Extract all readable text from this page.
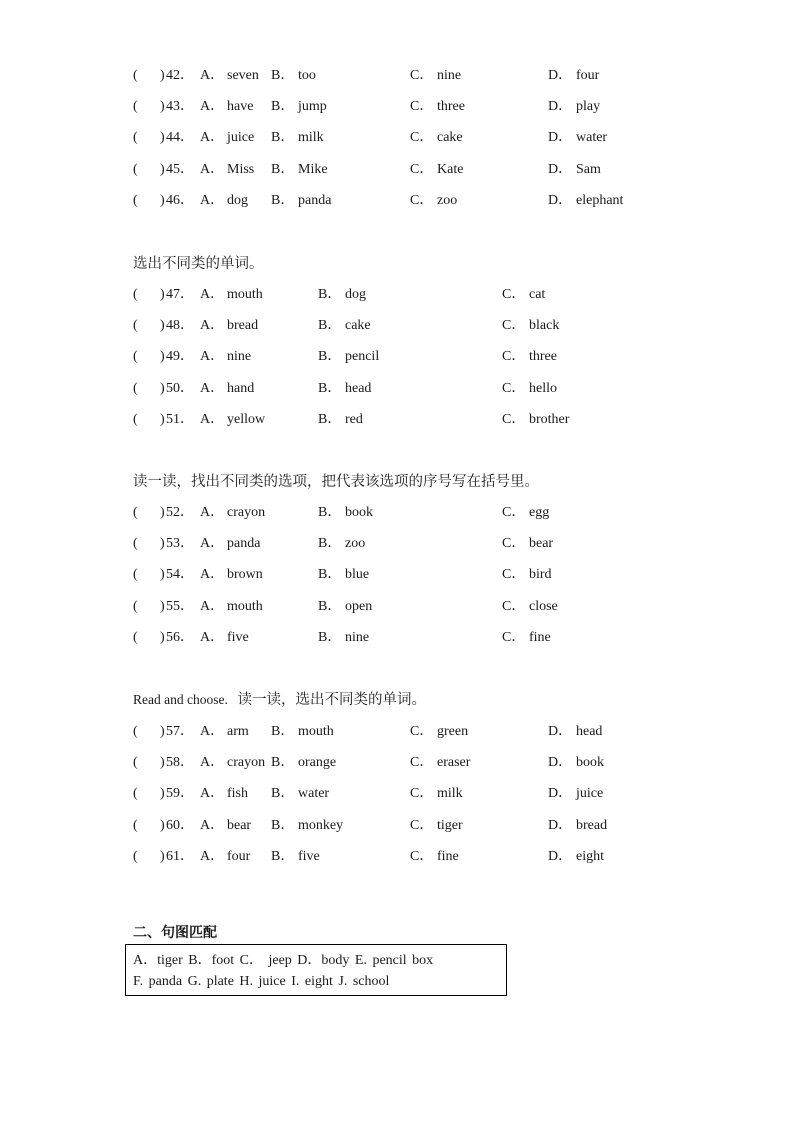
( ) 42． A． seven B． too	C． nine	D． four
( ) 43． A． have B． jump	C． three	D． play
( ) 44． A． juice B． milk	C． cake	D． water
( ) 45． A． Miss B． Mike	C． Kate	D． Sam
( ) 46． A． dog B． panda	C． zoo	D． elephant
选出不同类的单词。
( ) 47． A． mouth	B． dog	C． cat
( ) 48． A． bread	B． cake	C． black
( ) 49． A． nine	B． pencil	C． three
( ) 50． A． hand	B． head	C． hello
( ) 51． A． yellow	B． red	C． brother
读一读，找出不同类的选项，把代表该选项的序号写在括号里。
( ) 52． A． crayon	B． book	C． egg
( ) 53． A． panda	B． zoo	C． bear
( ) 54． A． brown	B． blue	C． bird
( ) 55． A． mouth	B． open	C． close
( ) 56． A． five	B． nine	C． fine
Read and choose. 读一读，选出不同类的单词。
( ) 57． A． arm B． mouth	C． green	D． head
( ) 58． A． crayon B． orange	C． eraser	D． book
( ) 59． A． fish B． water	C． milk	D． juice
( ) 60． A． bear B． monkey	C． tiger	D． bread
( ) 61． A． four B． five	C． fine	D． eight
二、句图匹配
A．tiger B．foot C． jeep D．body E. pencil box
F. panda G. plate H. juice I. eight J. school
